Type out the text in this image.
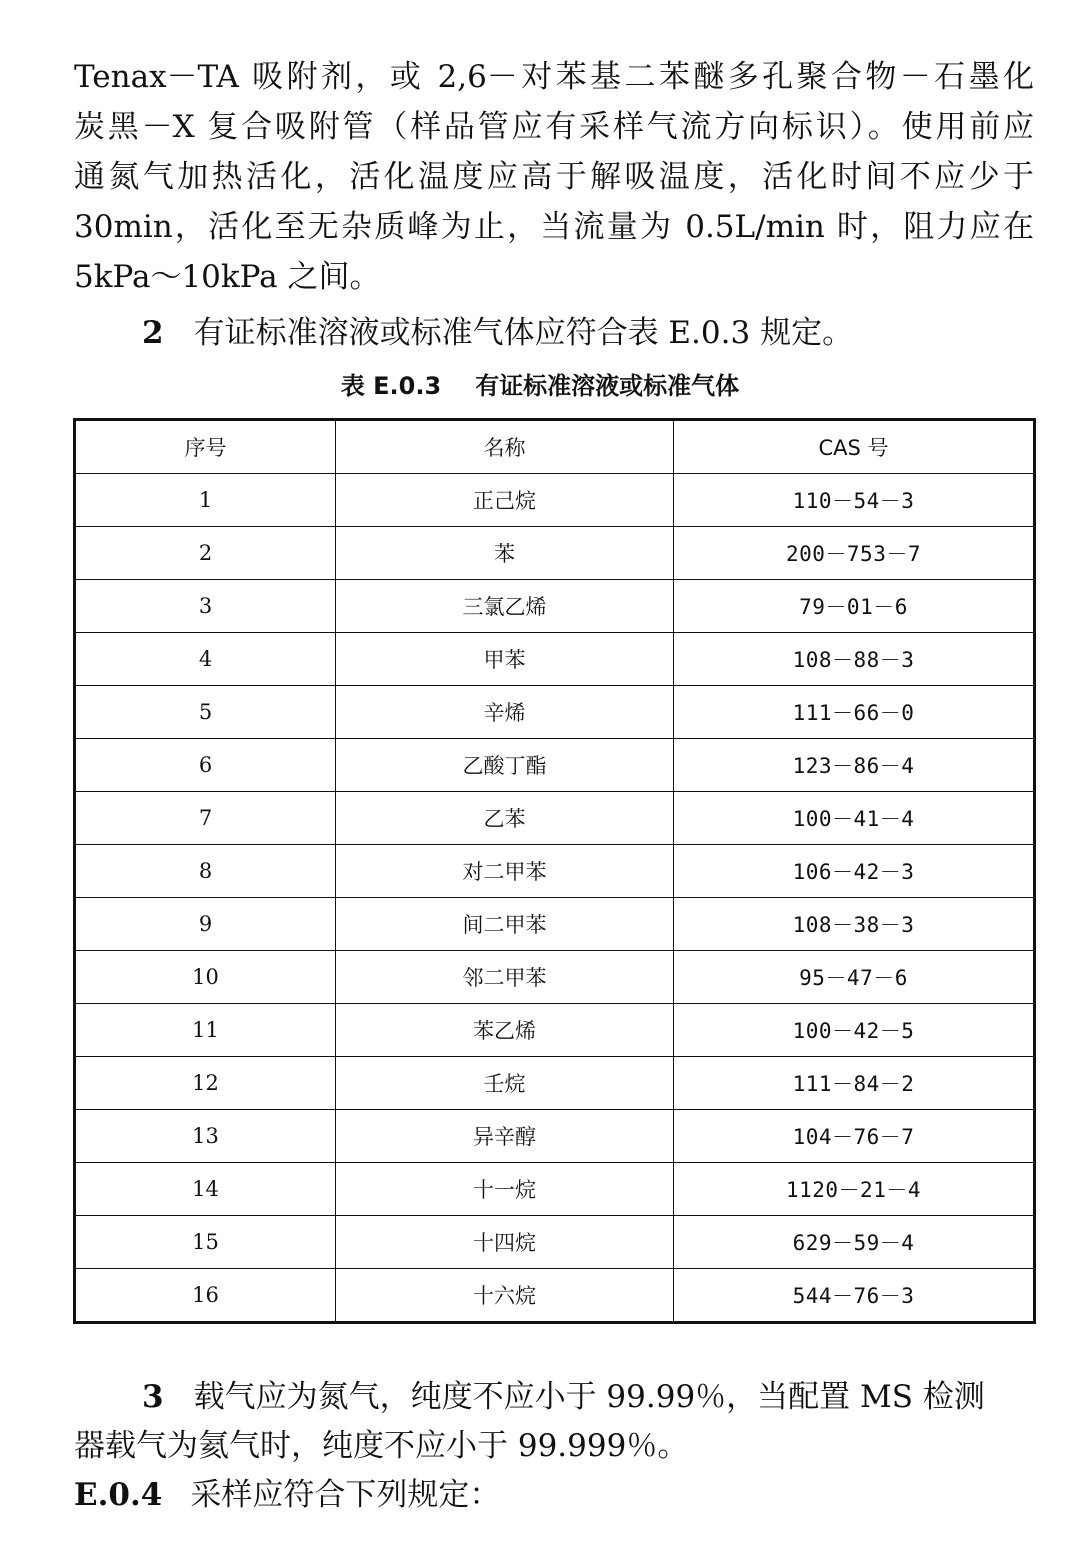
Tenax－TA 吸附剂，或 2,6－对苯基二苯醚多孔聚合物－石墨化
炭黑－X 复合吸附管（样品管应有采样气流方向标识）。使用前应
通氮气加热活化，活化温度应高于解吸温度，活化时间不应少于
30min，活化至无杂质峰为止，当流量为 0.5L/min 时，阻力应在
5kPa～10kPa 之间。
2 有证标准溶液或标准气体应符合表 E.0.3 规定。
表 E.0.3 有证标准溶液或标准气体
序号	名称	CAS 号
1	正己烷	110－54－3
2	苯	200－753－7
3	三氯乙烯	79－01－6
4	甲苯	108－88－3
5	辛烯	111－66－0
6	乙酸丁酯	123－86－4
7	乙苯	100－41－4
8	对二甲苯	106－42－3
9	间二甲苯	108－38－3
10	邻二甲苯	95－47－6
11	苯乙烯	100－42－5
12	壬烷	111－84－2
13	异辛醇	104－76－7
14	十一烷	1120－21－4
15	十四烷	629－59－4
16	十六烷	544－76－3
3 载气应为氮气，纯度不应小于 99.99％，当配置 MS 检测
器载气为氦气时，纯度不应小于 99.999％。
E.0.4 采样应符合下列规定：
